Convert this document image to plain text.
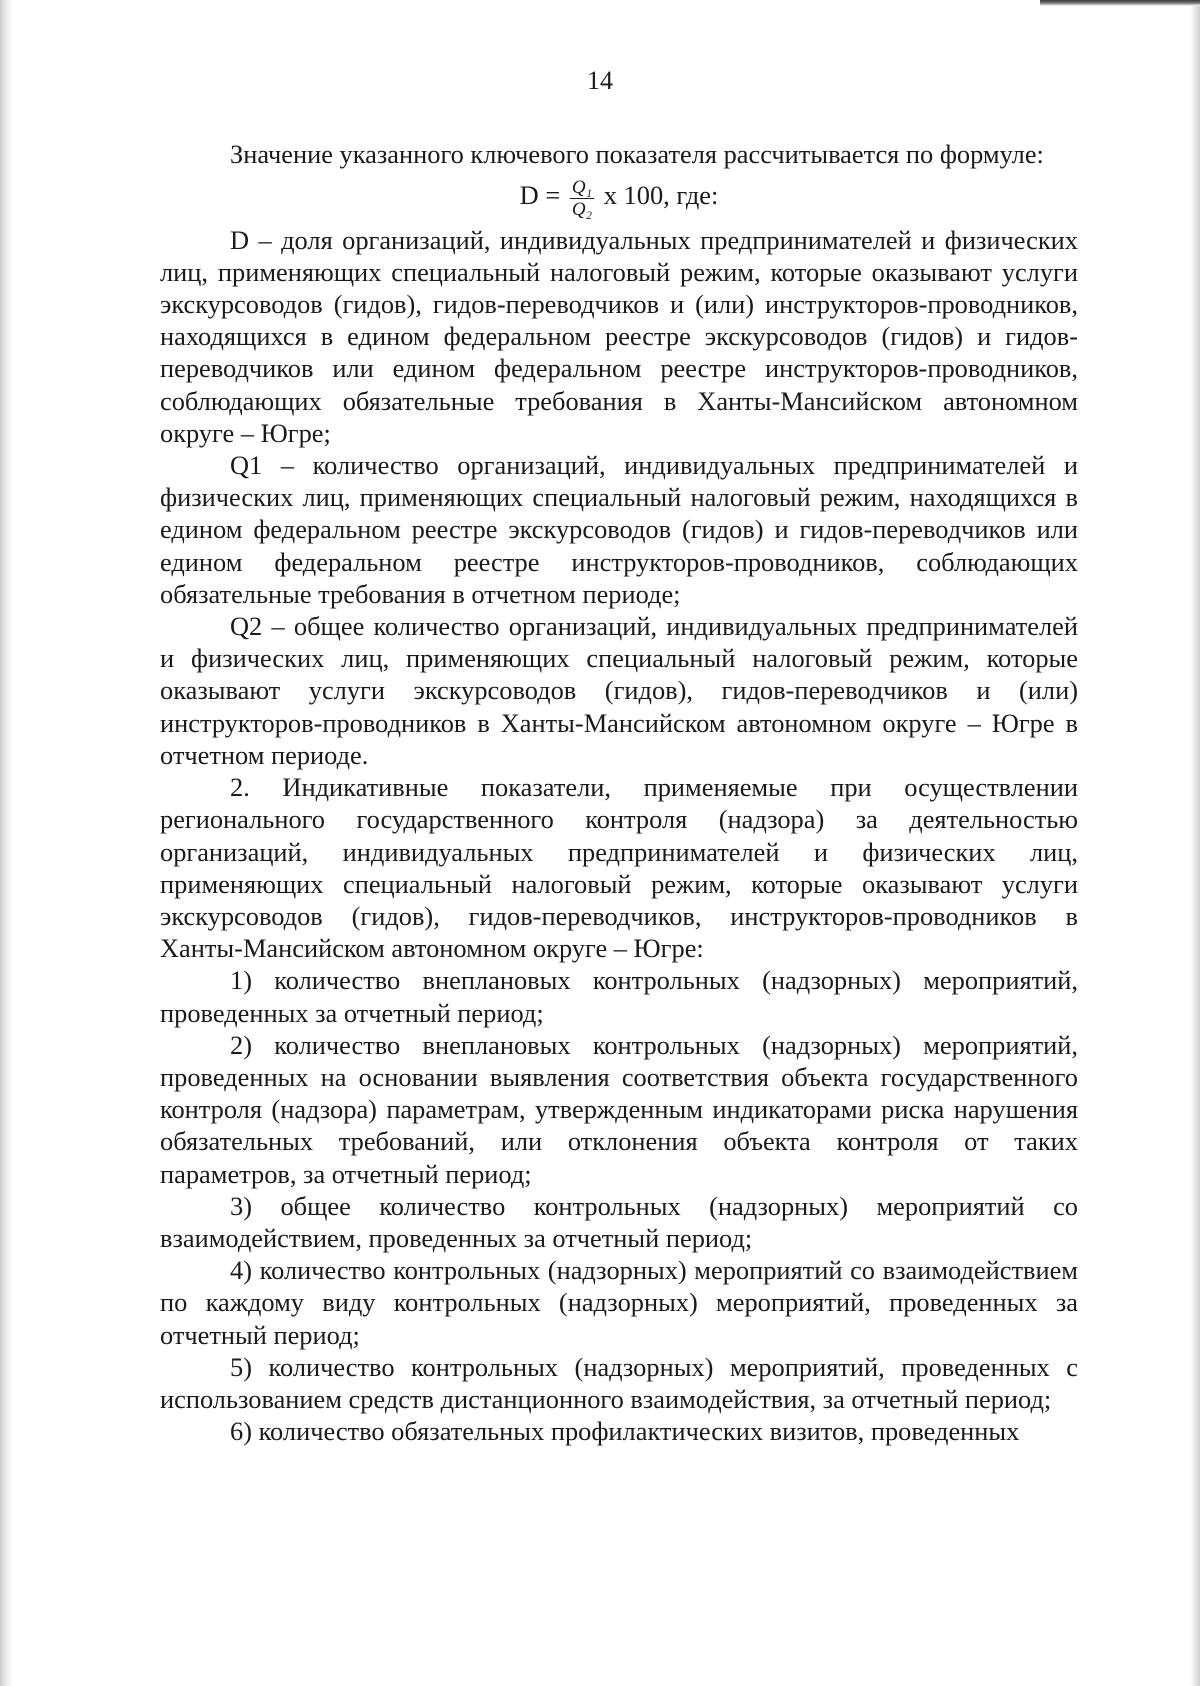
14

Значение указанного ключевого показателя рассчитывается по формуле:

$D = \frac{\text{Q₁}}{\text{Q₂}}$ x 100, где:

D – доля организаций, индивидуальных предпринимателей и физических лиц, применяющих специальный налоговый режим, которые оказывают услуги экскурсоводов (гидов), гидов-переводчиков и (или) инструкторов-проводников, находящихся в едином федеральном реестре экскурсоводов (гидов) и гидов-переводчиков или едином федеральном реестре инструкторов-проводников, соблюдающих обязательные требования в Ханты-Мансийском автономном округе – Югре;

Q1 – количество организаций, индивидуальных предпринимателей и физических лиц, применяющих специальный налоговый режим, находящихся в едином федеральном реестре экскурсоводов (гидов) и гидов-переводчиков или едином федеральном реестре инструкторов-проводников, соблюдающих обязательные требования в отчетном периоде;

Q2 – общее количество организаций, индивидуальных предпринимателей и физических лиц, применяющих специальный налоговый режим, которые оказывают услуги экскурсоводов (гидов), гидов-переводчиков и (или) инструкторов-проводников в Ханты-Мансийском автономном округе – Югре в отчетном периоде.

2. Индикативные показатели, применяемые при осуществлении регионального государственного контроля (надзора) за деятельностью организаций, индивидуальных предпринимателей и физических лиц, применяющих специальный налоговый режим, которые оказывают услуги экскурсоводов (гидов), гидов-переводчиков, инструкторов-проводников в Ханты-Мансийском автономном округе – Югре:

1) количество внеплановых контрольных (надзорных) мероприятий, проведенных за отчетный период;

2) количество внеплановых контрольных (надзорных) мероприятий, проведенных на основании выявления соответствия объекта государственного контроля (надзора) параметрам, утвержденным индикаторами риска нарушения обязательных требований, или отклонения объекта контроля от таких параметров, за отчетный период;

3) общее количество контрольных (надзорных) мероприятий со взаимодействием, проведенных за отчетный период;

4) количество контрольных (надзорных) мероприятий со взаимодействием по каждому виду контрольных (надзорных) мероприятий, проведенных за отчетный период;

5) количество контрольных (надзорных) мероприятий, проведенных с использованием средств дистанционного взаимодействия, за отчетный период;

6) количество обязательных профилактических визитов, проведенных
